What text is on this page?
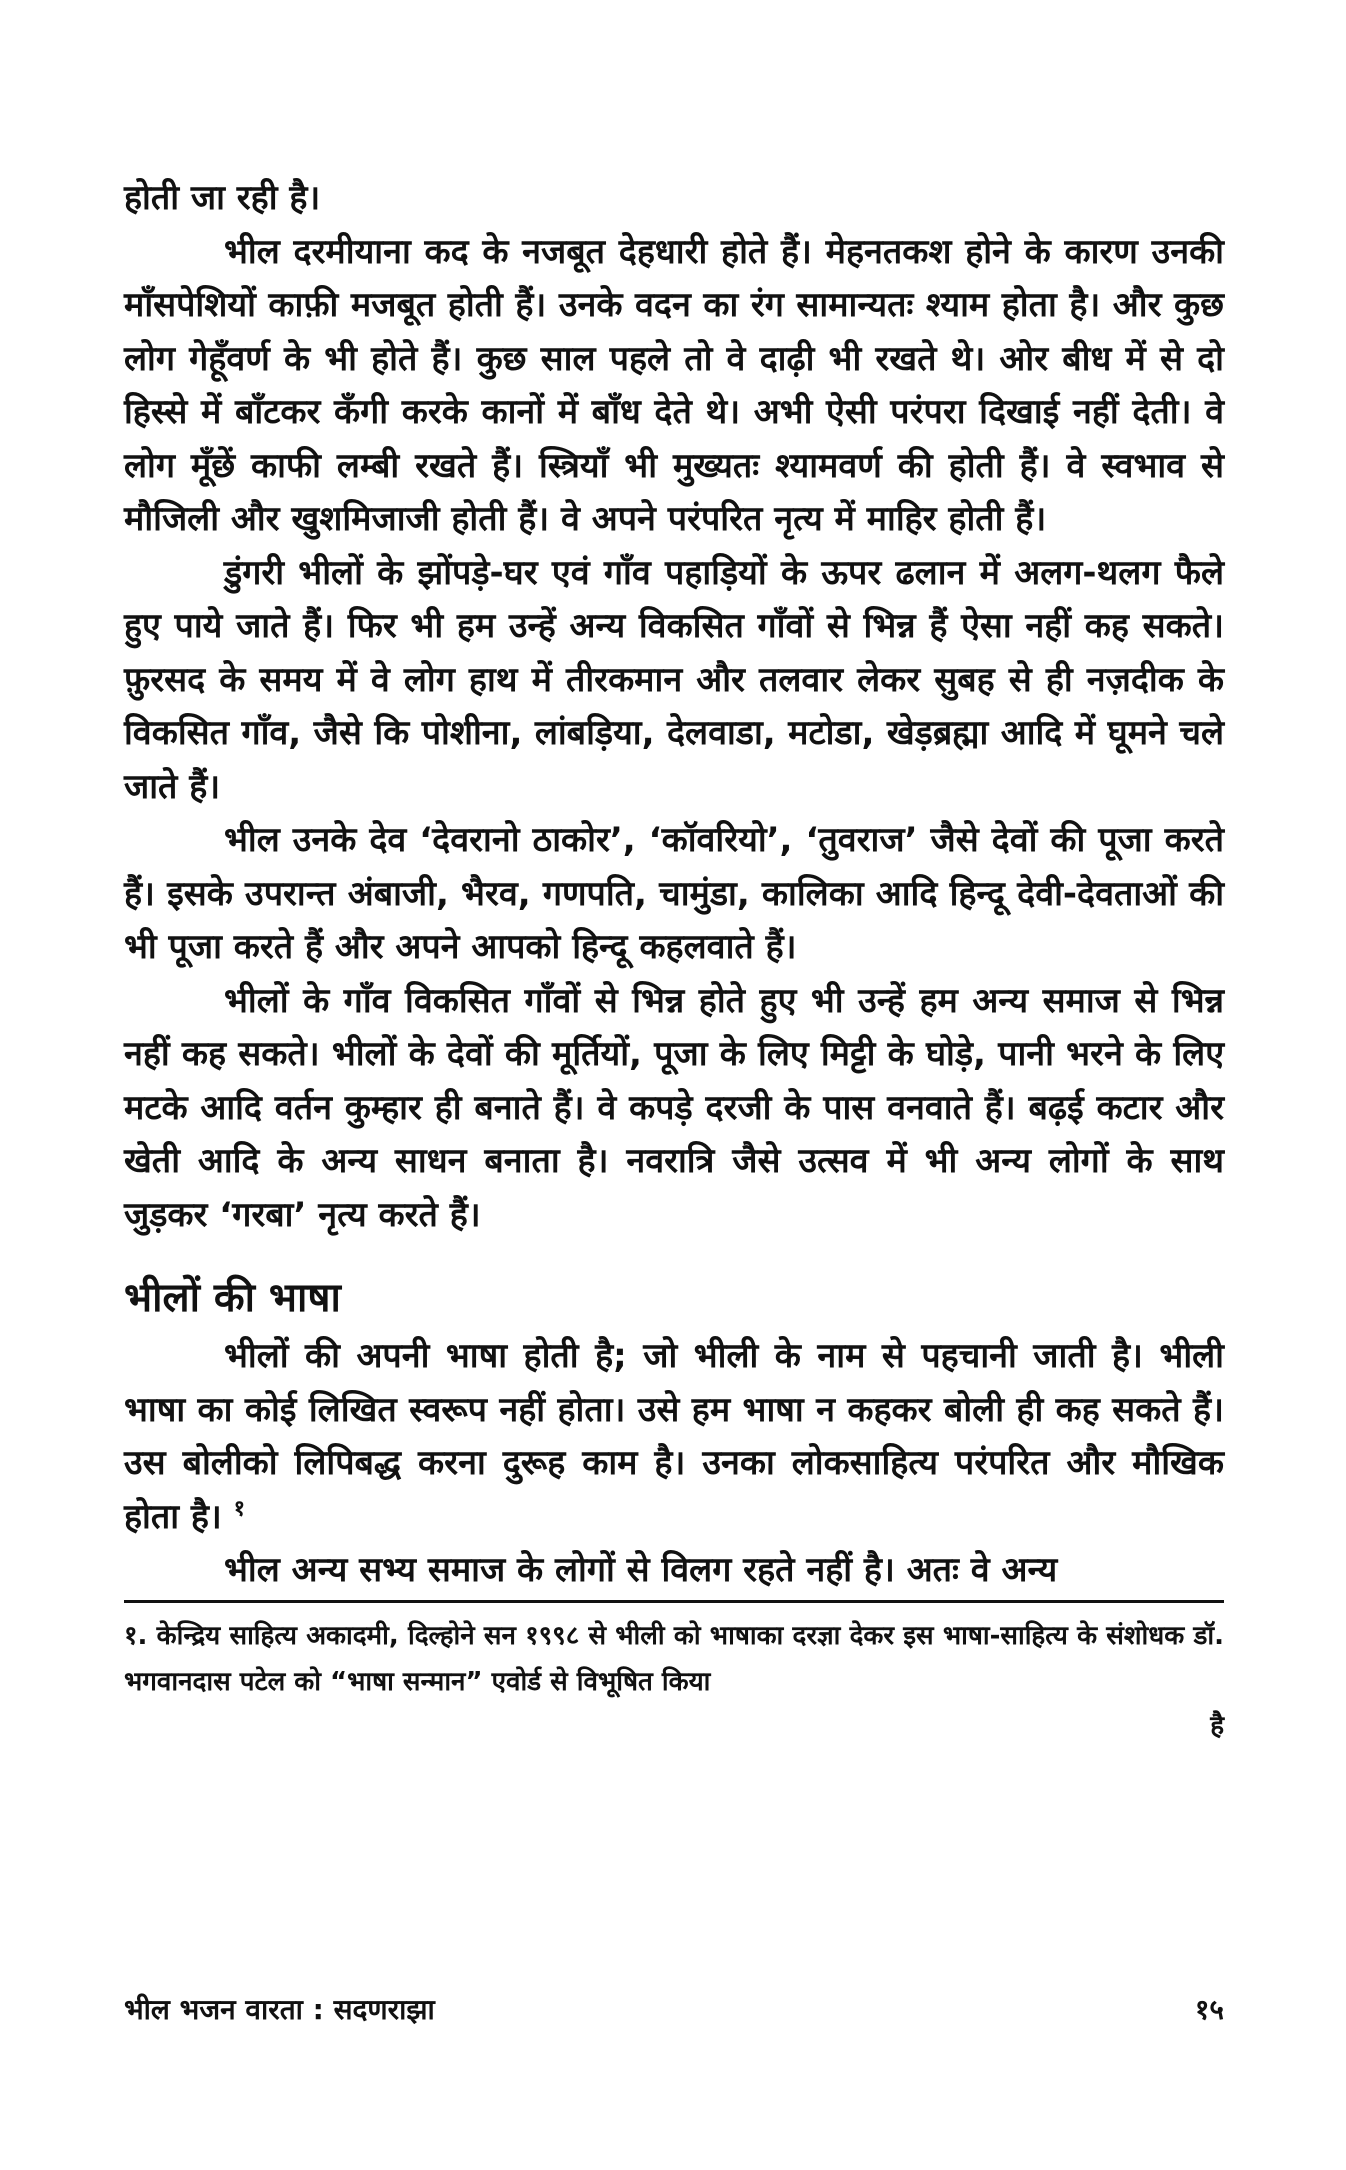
होती जा रही है।

भील दरमीयाना कद के नजबूत देहधारी होते हैं। मेहनतकश होने के कारण उनकी माँसपेशियों काफ़ी मजबूत होती हैं। उनके वदन का रंग सामान्यतः श्याम होता है। और कुछ लोग गेहूँवर्ण के भी होते हैं। कुछ साल पहले तो वे दाढ़ी भी रखते थे। ओर बीध में से दो हिस्से में बाँटकर कँगी करके कानों में बाँध देते थे। अभी ऐसी परंपरा दिखाई नहीं देती। वे लोग मूँछें काफी लम्बी रखते हैं। स्त्रियाँ भी मुख्यतः श्यामवर्ण की होती हैं। वे स्वभाव से मौजिली और खुशमिजाजी होती हैं। वे अपने परंपरित नृत्य में माहिर होती हैं।

डुंगरी भीलों के झोंपड़े-घर एवं गाँव पहाड़ियों के ऊपर ढलान में अलग-थलग फैले हुए पाये जाते हैं। फिर भी हम उन्हें अन्य विकसित गाँवों से भिन्न हैं ऐसा नहीं कह सकते। फ़ुरसद के समय में वे लोग हाथ में तीरकमान और तलवार लेकर सुबह से ही नज़दीक के विकसित गाँव, जैसे कि पोशीना, लांबड़िया, देलवाडा, मटोडा, खेड़ब्रह्मा आदि में घूमने चले जाते हैं।

भील उनके देव ‘देवरानो ठाकोर’, ‘कॉवरियो’, ‘तुवराज’ जैसे देवों की पूजा करते हैं। इसके उपरान्त अंबाजी, भैरव, गणपति, चामुंडा, कालिका आदि हिन्दू देवी-देवताओं की भी पूजा करते हैं और अपने आपको हिन्दू कहलवाते हैं।

भीलों के गाँव विकसित गाँवों से भिन्न होते हुए भी उन्हें हम अन्य समाज से भिन्न नहीं कह सकते। भीलों के देवों की मूर्तियों, पूजा के लिए मिट्टी के घोड़े, पानी भरने के लिए मटके आदि वर्तन कुम्हार ही बनाते हैं। वे कपड़े दरजी के पास वनवाते हैं। बढ़ई कटार और खेती आदि के अन्य साधन बनाता है। नवरात्रि जैसे उत्सव में भी अन्य लोगों के साथ जुड़कर ‘गरबा’ नृत्य करते हैं।

भीलों की भाषा

भीलों की अपनी भाषा होती है; जो भीली के नाम से पहचानी जाती है। भीली भाषा का कोई लिखित स्वरूप नहीं होता। उसे हम भाषा न कहकर बोली ही कह सकते हैं। उस बोलीको लिपिबद्ध करना दुरूह काम है। उनका लोकसाहित्य परंपरित और मौखिक होता है। $^१$

भील अन्य सभ्य समाज के लोगों से विलग रहते नहीं है। अतः वे अन्य

१. केन्द्रिय साहित्य अकादमी, दिल्होने सन १९९८ से भीली को भाषाका दरज्ञा देकर इस भाषा-साहित्य के संशोधक डॉ. भगवानदास पटेल को “भाषा सन्मान” एवोर्ड से विभूषित किया
है
भील भजन वारता : सदणराझा	१५
